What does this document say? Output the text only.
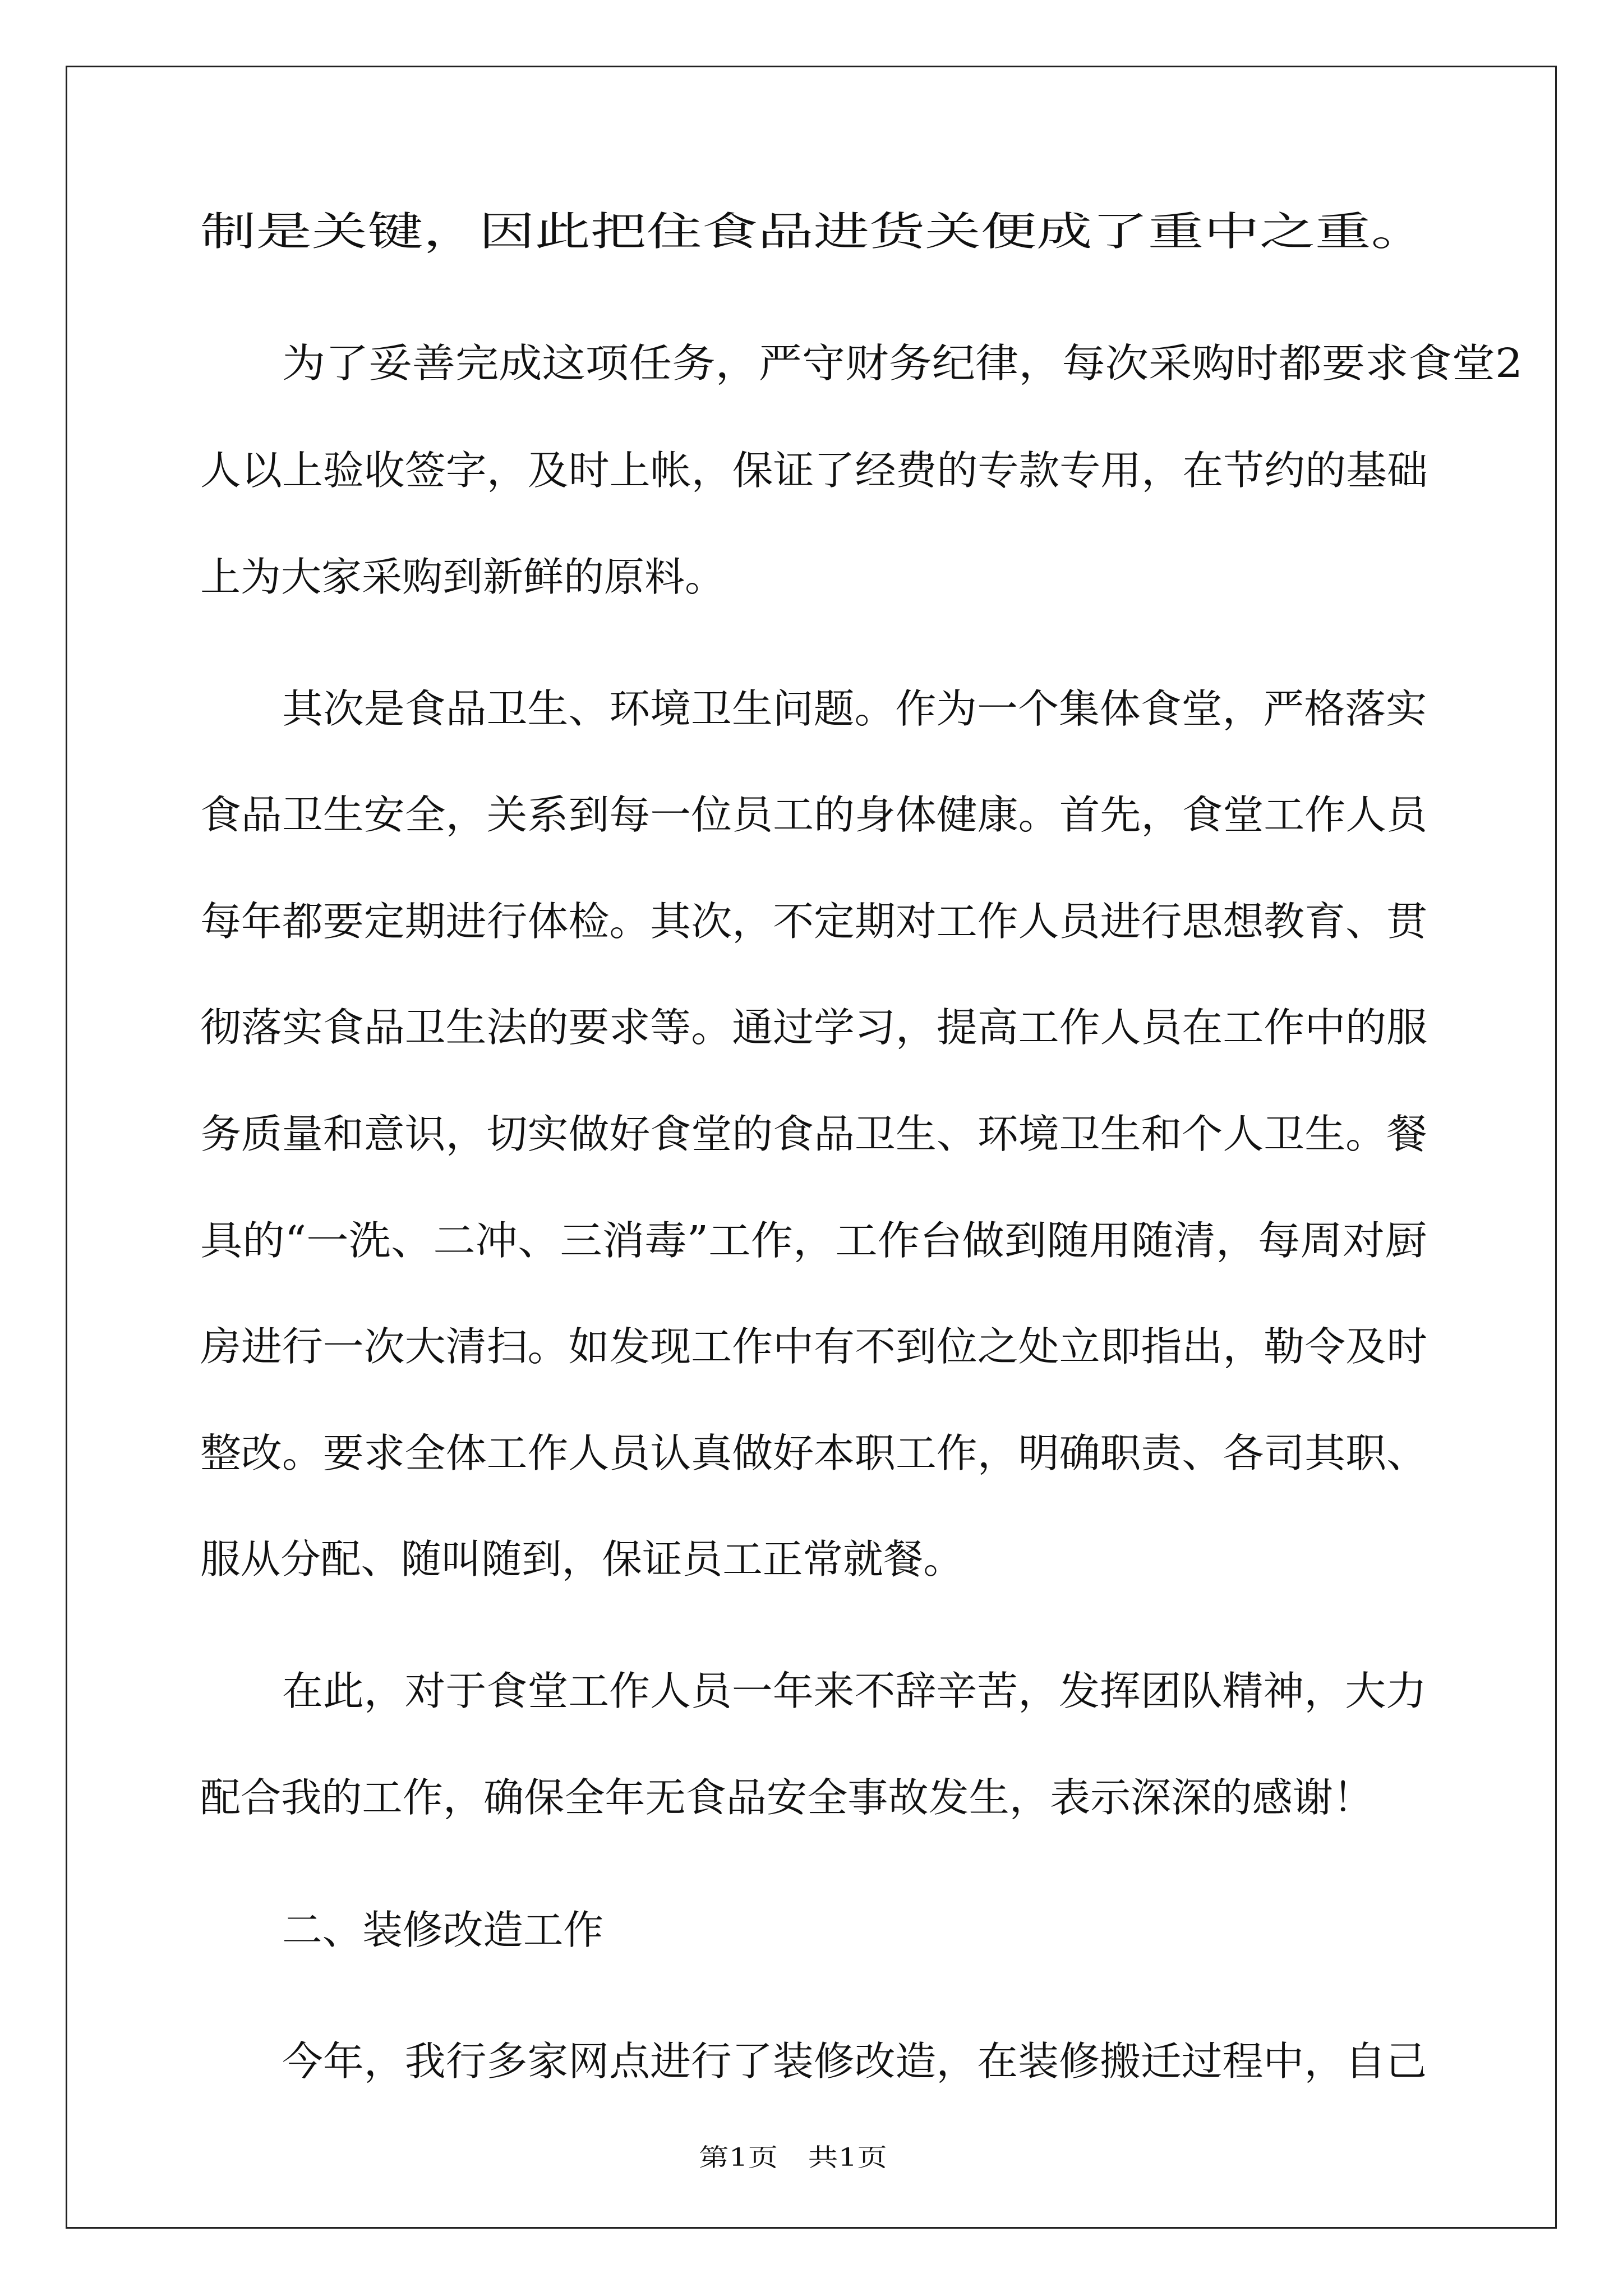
制是关键，因此把住食品进货关便成了重中之重。
为了妥善完成这项任务，严守财务纪律，每次采购时都要求食堂2
人以上验收签字，及时上帐，保证了经费的专款专用，在节约的基础
上为大家采购到新鲜的原料。
其次是食品卫生、环境卫生问题。作为一个集体食堂，严格落实
食品卫生安全，关系到每一位员工的身体健康。首先，食堂工作人员
每年都要定期进行体检。其次，不定期对工作人员进行思想教育、贯
彻落实食品卫生法的要求等。通过学习，提高工作人员在工作中的服
务质量和意识，切实做好食堂的食品卫生、环境卫生和个人卫生。餐
具的“一洗、二冲、三消毒”工作，工作台做到随用随清，每周对厨
房进行一次大清扫。如发现工作中有不到位之处立即指出，勒令及时
整改。要求全体工作人员认真做好本职工作，明确职责、各司其职、
服从分配、随叫随到，保证员工正常就餐。
在此，对于食堂工作人员一年来不辞辛苦，发挥团队精神，大力
配合我的工作，确保全年无食品安全事故发生，表示深深的感谢！
二、装修改造工作
今年，我行多家网点进行了装修改造，在装修搬迁过程中，自己
第1页　共1页
